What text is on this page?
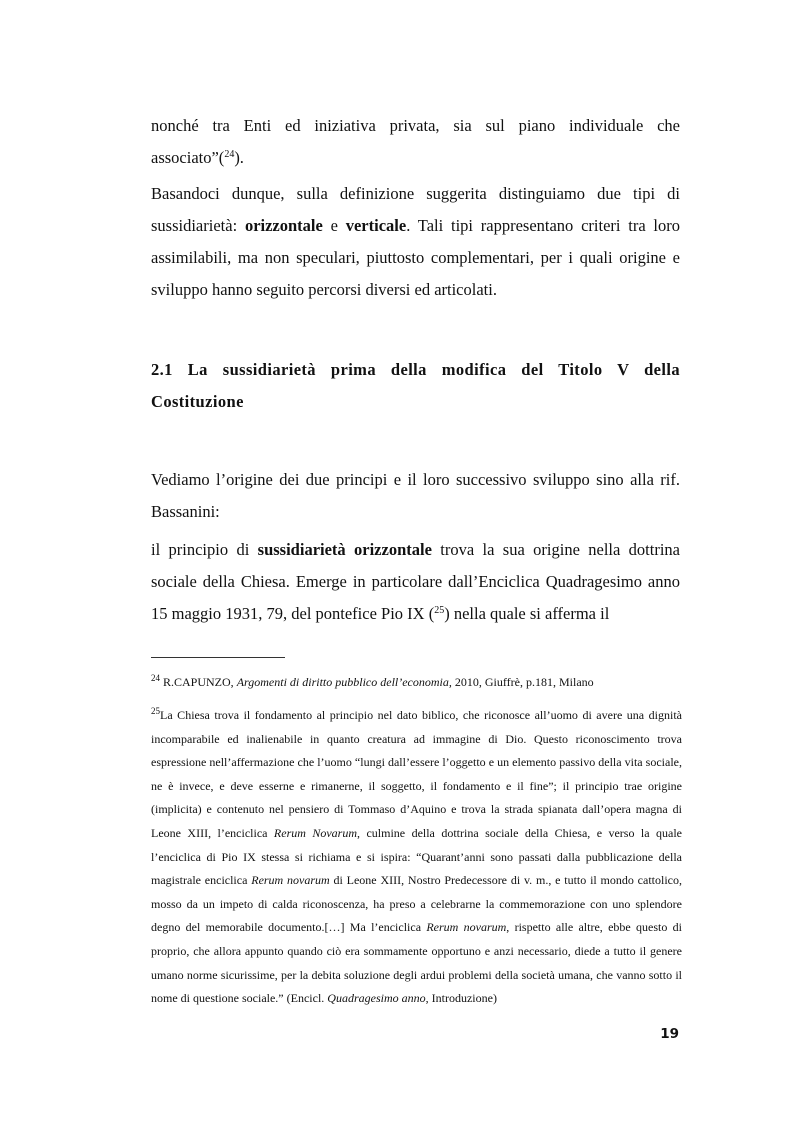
nonché tra Enti ed iniziativa privata, sia sul piano individuale che associato”($^{24}$).

Basandoci dunque, sulla definizione suggerita distinguiamo due tipi di sussidiarietà: orizzontale e verticale. Tali tipi rappresentano criteri tra loro assimilabili, ma non speculari, piuttosto complementari, per i quali origine e sviluppo hanno seguito percorsi diversi ed articolati.

2.1 La sussidiarietà prima della modifica del Titolo V della Costituzione

Vediamo l’origine dei due principi e il loro successivo sviluppo sino alla rif. Bassanini:

il principio di sussidiarietà orizzontale trova la sua origine nella dottrina sociale della Chiesa. Emerge in particolare dall’Enciclica Quadragesimo anno 15 maggio 1931, 79, del pontefice Pio IX ($^{25}$) nella quale si afferma il

$^{24}$ R.CAPUNZO, Argomenti di diritto pubblico dell’economia, 2010, Giuffrè, p.181, Milano

$^{25}$La Chiesa trova il fondamento al principio nel dato biblico, che riconosce all’uomo di avere una dignità incomparabile ed inalienabile in quanto creatura ad immagine di Dio. Questo riconoscimento trova espressione nell’affermazione che l’uomo “lungi dall’essere l’oggetto e un elemento passivo della vita sociale, ne è invece, e deve esserne e rimanerne, il soggetto, il fondamento e il fine”; il principio trae origine (implicita) e contenuto nel pensiero di Tommaso d’Aquino e trova la strada spianata dall’opera magna di Leone XIII, l’enciclica Rerum Novarum, culmine della dottrina sociale della Chiesa, e verso la quale l’enciclica di Pio IX stessa si richiama e si ispira: “Quarant’anni sono passati dalla pubblicazione della magistrale enciclica Rerum novarum di Leone XIII, Nostro Predecessore di v. m., e tutto il mondo cattolico, mosso da un impeto di calda riconoscenza, ha preso a celebrarne la commemorazione con uno splendore degno del memorabile documento.[…] Ma l’enciclica Rerum novarum, rispetto alle altre, ebbe questo di proprio, che allora appunto quando ciò era sommamente opportuno e anzi necessario, diede a tutto il genere umano norme sicurissime, per la debita soluzione degli ardui problemi della società umana, che vanno sotto il nome di questione sociale.” (Encicl. Quadragesimo anno, Introduzione)

19
